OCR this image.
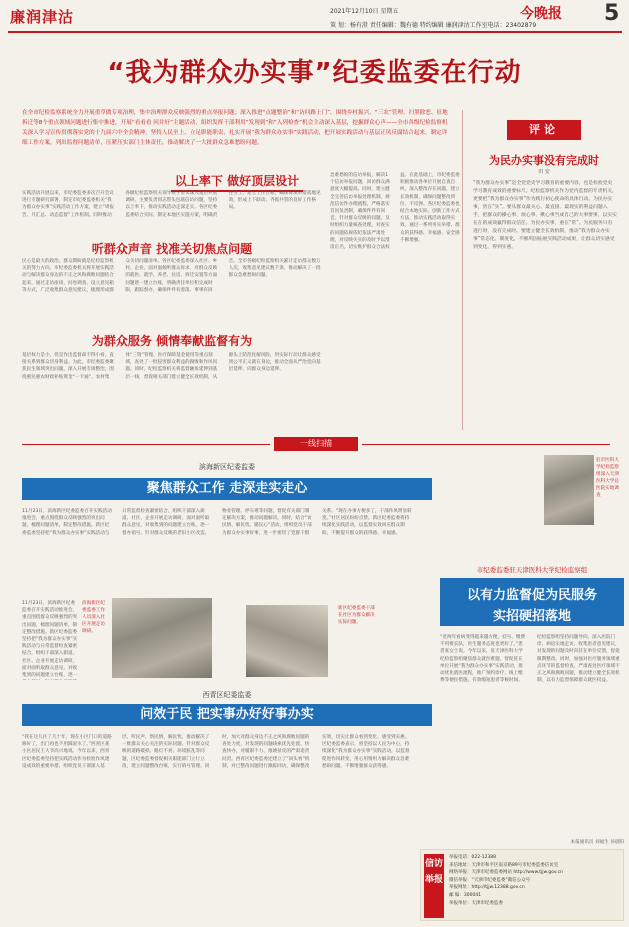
廉润津沽	2021年12月10日 星期五
策 划：杨有澄 责任编辑：魏有德 特约编辑 廉润津沽工作室电话：23402879
今晚报 5
“我为群众办实事”纪委监委在行动
在全市纪检监察系统全力开展重草做专项治理，集中治理群众反映强烈的重点举报问题；深入推进“点题整治”和“访问路上门”，围绕乡村振兴、“三农”管理、扫黑除恶、征地拆迁等8个重点领域问题进行集中推进，开展“看看看 问并好”主题活动，组织发挥干部利用“发现到”和“入列检查”机会主动深入基层，挖掘群众心声——全市各级纪检监察机关深入学习宣传贯彻落实党的十九届六中全会精神，坚持人民至上、立足职能职责，扎实开展“我为群众办实事”实践活动，把开展实践活动与基层正风反腐结合起来，制定详细工作方案，列出监督问题清单，压紧压实部门主体责任，推动解决了一大批群众急难愁盼问题。
以上率下 做好顶层设计
实践活动开展以来，市纪委监委多次召开会议进行专题研究部署，制定市纪委监委机关“我为群众办实事”实践活动工作方案，建立“周报告、月汇总、动态监督”工作机制。同时推动各级纪检监察机关领导班子带头深入基层开展调研，主要负责同志带头包联信访问题，坚持以上率下，推动实践活动走深走实。各区纪委监委结合实际，制定本地区实施方案，明确责任分工，建立工作台账，确保每项举措落地见效，形成上下联动、齐抓共管的良好工作格局。
听群众声音 找准关切焦点问题
民心是最大的政治，群众期盼就是纪检监察机关的努力方向。市纪委监委机关将开展实践活动与解决群众身边的不正之风和腐败问题结合起来，通过走访座谈、问卷调查、设立意见箱等方式，广泛收集群众意见建议，梳理形成群众关切问题清单。各区纪委监委深入社区、乡村、企业，面对面倾听群众诉求，对群众反映的就医、就学、养老、住房、拆迁安置等方面问题逐一建立台账，明确责任单位和完成时限，跟踪督办，确保件件有着落、事事有回音。全市各级纪检监察机关累计走访群众数万人次，收集意见建议数千条，推动解决了一批群众急难愁盼问题。
为群众服务 倾情奉献监督有为
基层权力是小，但是作出监督却不得小看，直接关系到群众切身利益。为此，市纪委监委聚焦民生领域突出问题，深入开展专项整治，围绕惠民惠农财政补贴资金“一卡通”、农村集体“三资”管理、医疗保障基金使用等重点领域，查处了一批侵害群众利益的腐败和作风问题。同时，纪检监察机关将监督触角延伸到基层一线，督促相关部门建立健全长效机制，从源头上防范化解风险，用实际行动让群众感受到公平正义就在身边，推动全面从严治党向基层延伸、向群众身边延伸。
急难愁盼的信访举报，解决1个信访举报问题，回访群众满意度大幅提高。同时，建立健全完善信访举报处理机制，规范信访件办理流程，严格落实首问负责制，确保件件有回音。针对群众反映的问题，及时组织力量核查处理，对查实的问题依规依纪依法严肃处理，对反映失实的及时予以澄清正名，切实维护群众合法权益。在此基础上，市纪委监委积极推动各单位开展自查自纠，深入整改存在问题，建立长效机制，确保问题整改到位、不反弹。各区纪委监委也结合本地实际，创新工作方式方法，推动实践活动取得实效。通过一系列务实举措，群众的获得感、幸福感、安全感不断增强。
评论
为民办实事没有完成时
田 安
“我为群众办实事”是全党党史学习教育的重要内容，也是检验党史学习教育成效的重要标尺。纪检监察机关作为党内监督的专责机关，更要把“我为群众办实事”作为践行初心使命的具体行动。为民办实事，贵在“实”。要从群众最关心、最直接、最现实的利益问题入手，把群众的操心事、烦心事、揪心事当成自己的大事要事，以实实在在的成效赢得群众信任。为民办实事，重在“常”。为民服务只有进行时，没有完成时。要建立健全长效机制，推动“我为群众办实事”常态化、制度化，不断巩固拓展实践活动成果，让群众切实感受到变化、得到实惠。
一线扫描
驻市医科大学纪检监察组深入天津医科大学总医院实地调查
滨海新区纪委监委
聚焦群众工作 走深走实走心
11月23日，滨海新区纪委监委召开实践活动推进会，重点围绕群众反映强烈的突出问题，梳理问题清单，制定整改措施。新区纪委监委坚持把“我为群众办实事”实践活动与日常监督检查紧密结合，组织干部深入街道、社区、企业开展走访调研，面对面听取群众意见，对收集到的问题建立台账，逐一督办销号。针对群众反映的老旧小区改造、物业管理、停车难等问题，督促有关部门制定解决方案，推动问题解决。同时，结合“访民情、解民忧、暖民心”活动，组织党员干部为群众办实事好事，进一步密切了党群干群关系。“现在办事方便多了，干部作风明显转变。”社区居民纷纷点赞。新区纪委监委将持续深化实践活动，以监督实效回应群众期盼，不断提升群众的获得感、幸福感。
滨海新区纪委监委工作人员深入社区开展走访调研。
新区纪委监委干部在社区为群众解决实际问题。
11月23日，滨海新区纪委监委召开实践活动推进会，重点围绕群众反映强烈的突出问题，梳理问题清单，制定整改措施。新区纪委监委坚持把“我为群众办实事”实践活动与日常监督检查紧密结合，组织干部深入街道、社区、企业开展走访调研，面对面听取群众意见，对收集到的问题建立台账，逐一
市纪委监委驻天津医科大学纪检监察组
以有力监督促为民服务
实招硬招落地
“近两年看病变得越来越方便，挂号、缴费不用排长队，医生服务态度也更好了。”患者张女士说。今年以来，驻天津医科大学纪检监察组聚焦群众就医难题，督促驻在单位开展“我为群众办实事”实践活动，推动优化就医流程，推广预约诊疗、线上缴费等便民措施，有效缩短患者等候时间。纪检监察组坚持问题导向，深入医院门诊、病房实地走访，收集患者意见建议，对发现的问题及时向驻在单位反馈，督促限期整改。同时，加强对医疗服务领域重点环节的监督检查，严肃查处医疗领域不正之风和腐败问题，推动建立健全长效机制，以有力监督保障群众就医权益。
本报通讯员 刘福生 孙晨阳
西青区纪委监委
问效于民 把实事办好好事办实
“我在这儿住了几十年，现在小区门口的道路修好了，出门再也不用踩泥水了。”西青区某小区居民王大爷高兴地说。今年以来，西青区纪委监委坚持把实践活动作为检验作风建设成效的重要举措，组织党员干部深入基层，听民声、察民情、解民忧，推动解决了一批群众关心关注的实际问题。针对群众反映的道路破损、路灯不亮、环境脏乱等问题，区纪委监委督促相关职能部门立行立改，建立问题整改台账，实行销号管理。同时，加大对群众身边不正之风和腐败问题的查处力度，对发现的问题线索优先处置、快查快办，对履职不力、推诿扯皮的严肃追责问责。西青区纪委监委还建立了“回头看”机制，对已整改问题进行跟踪回访，确保整改实效，切实让群众看到变化、感受到实惠。区纪委监委表示，将坚持以人民为中心，持续深化“我为群众办实事”实践活动，以监督促进作风转变，用心用情用力解决群众急难愁盼问题，不断增强群众获得感。
信访举报
举报电话：022-12388
来信地址：天津市和平区南京路89号市纪委监委信访室
网络举报：天津市纪委监委网站 http://www.tjjw.gov.cn
微信举报：“天津市纪委监委”微信公众号
举报网址：http://tjjw.12388.gov.cn
邮 编：300041
举报单位：天津市纪委监委
